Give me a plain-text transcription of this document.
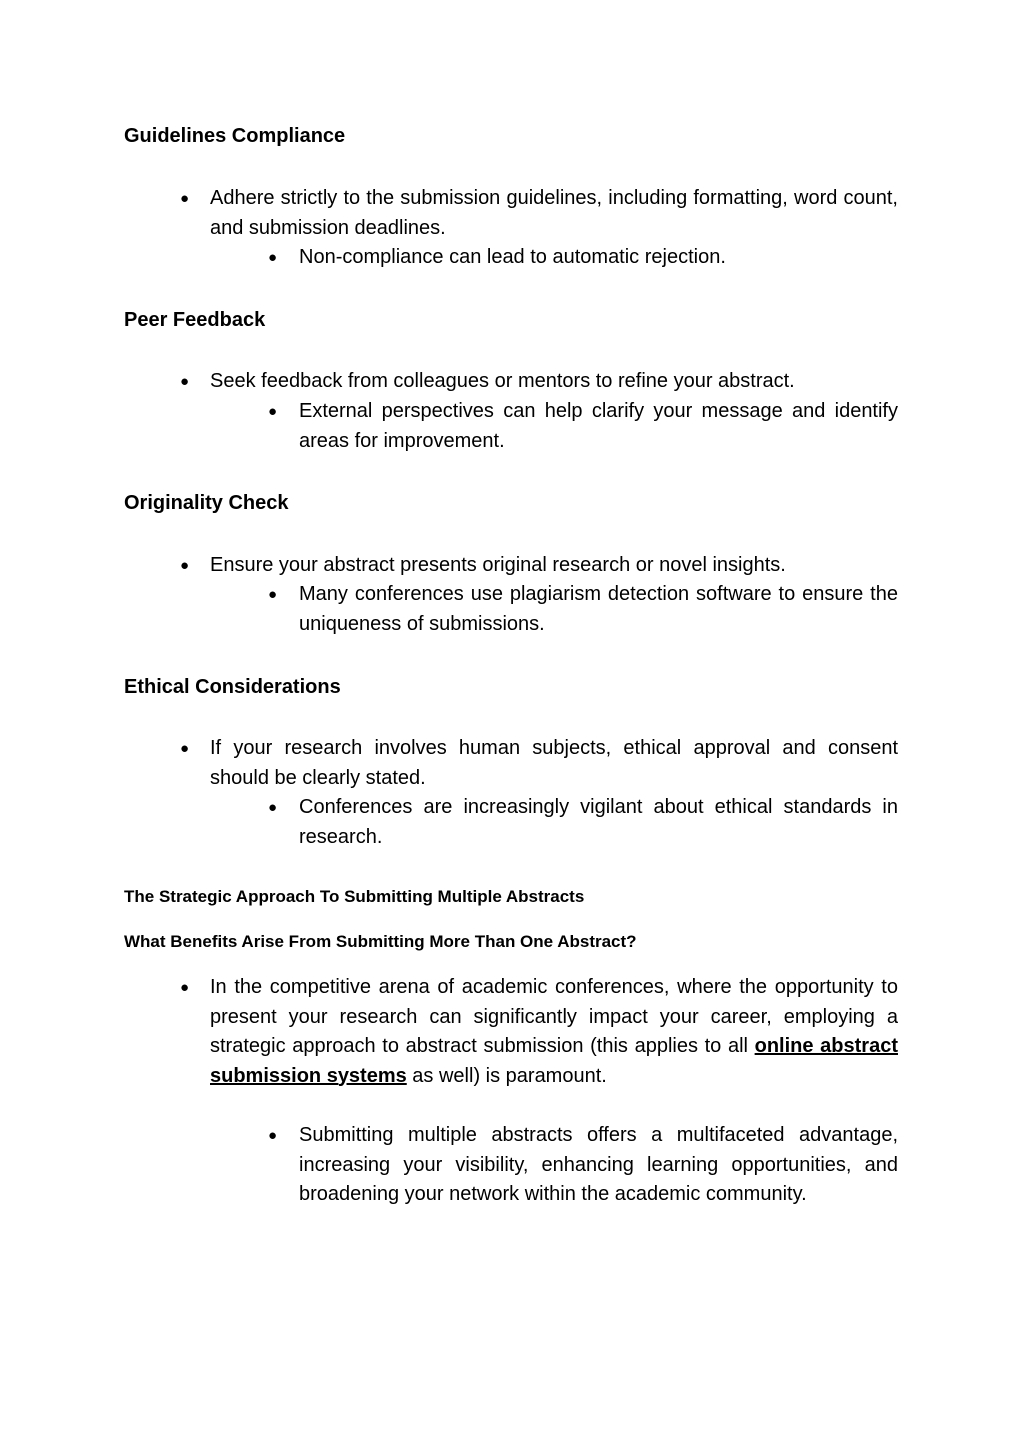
Guidelines Compliance
● Adhere strictly to the submission guidelines, including formatting, word count, and submission deadlines.
● Non-compliance can lead to automatic rejection.
Peer Feedback
● Seek feedback from colleagues or mentors to refine your abstract.
● External perspectives can help clarify your message and identify areas for improvement.
Originality Check
● Ensure your abstract presents original research or novel insights.
● Many conferences use plagiarism detection software to ensure the uniqueness of submissions.
Ethical Considerations
● If your research involves human subjects, ethical approval and consent should be clearly stated.
● Conferences are increasingly vigilant about ethical standards in research.
The Strategic Approach To Submitting Multiple Abstracts
What Benefits Arise From Submitting More Than One Abstract?
● In the competitive arena of academic conferences, where the opportunity to present your research can significantly impact your career, employing a strategic approach to abstract submission (this applies to all online abstract submission systems as well) is paramount.
● Submitting multiple abstracts offers a multifaceted advantage, increasing your visibility, enhancing learning opportunities, and broadening your network within the academic community.
